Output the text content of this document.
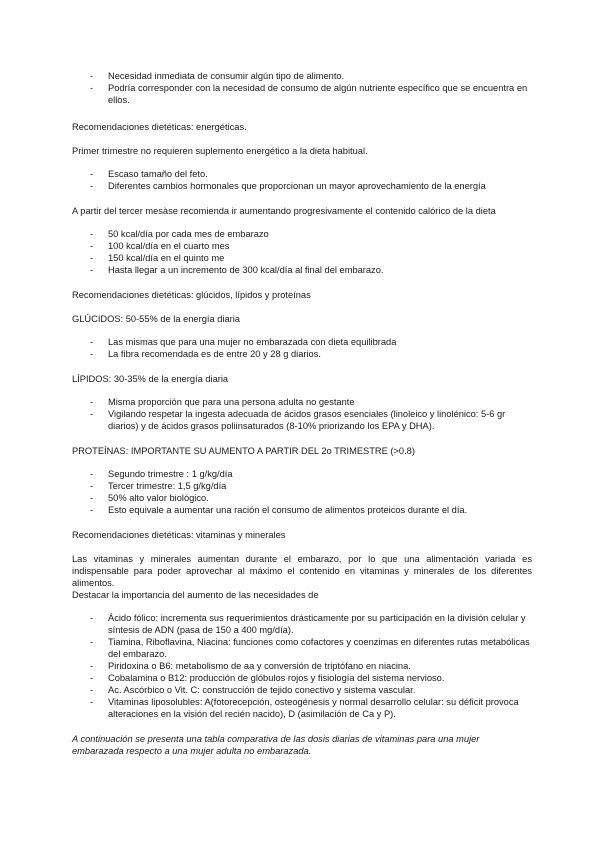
- Necesidad inmediata de consumir algún tipo de alimento.
- Podría corresponder con la necesidad de consumo de algún nutriente específico que se encuentra en ellos.

Recomendaciones dietéticas: energéticas.

Primer trimestre no requieren suplemento energético a la dieta habitual.

- Escaso tamaño del feto.
- Diferentes cambios hormonales que proporcionan un mayor aprovechamiento de la energía

A partir del tercer mesàse recomienda ir aumentando progresivamente el contenido calórico de la dieta

- 50 kcal/día por cada mes de embarazo
- 100 kcal/día en el cuarto mes
- 150 kcal/día en el quinto me
- Hasta llegar a un incremento de 300 kcal/día al final del embarazo.

Recomendaciones dietéticas: glúcidos, lípidos y proteínas

GLÚCIDOS: 50-55% de la energía diaria

- Las mismas que para una mujer no embarazada con dieta equilibrada
- La fibra recomendada es de entre 20 y 28 g diarios.

LÍPIDOS: 30-35% de la energía diaria

- Misma proporción que para una persona adulta no gestante
- Vigilando respetar la ingesta adecuada de ácidos grasos esenciales (linoleico y linolénico: 5-6 gr diarios) y de ácidos grasos poliinsaturados (8-10% priorizando los EPA y DHA).

PROTEÍNAS: IMPORTANTE SU AUMENTO A PARTIR DEL 2o TRIMESTRE (>0.8)

- Segundo trimestre : 1 g/kg/día
- Tercer trimestre: 1,5 g/kg/día
- 50% alto valor biológico.
- Esto equivale a aumentar una ración el consumo de alimentos proteicos durante el día.

Recomendaciones dietéticas: vitaminas y minerales

Las vitaminas y minerales aumentan durante el embarazo, por lo que una alimentación variada es indispensable para poder aprovechar al máximo el contenido en vitaminas y minerales de los diferentes alimentos.

Destacar la importancia del aumento de las necesidades de

- Ácido fólico: incrementa sus requerimientos drásticamente por su participación en la división celular y síntesis de ADN (pasa de 150 a 400 mg/día).
- Tiamina, Riboflavina, Niacina: funciones como cofactores y coenzimas en diferentes rutas metabólicas del embarazo.
- Piridoxina o B6: metabolismo de aa y conversión de triptófano en niacina.
- Cobalamina o B12: producción de glóbulos rojos y fisiología del sistema nervioso.
- Ac. Ascórbico o Vit. C: construcción de tejido conectivo y sistema vascular.
- Vitaminas liposolubles: A(fotorecepción, osteogénesis y normal desarrollo celular: su déficit provoca alteraciones en la visión del recién nacido), D (asimilación de Ca y P).

A continuación se presenta una tabla comparativa de las dosis diarias de vitaminas para una mujer embarazada respecto a una mujer adulta no embarazada.
